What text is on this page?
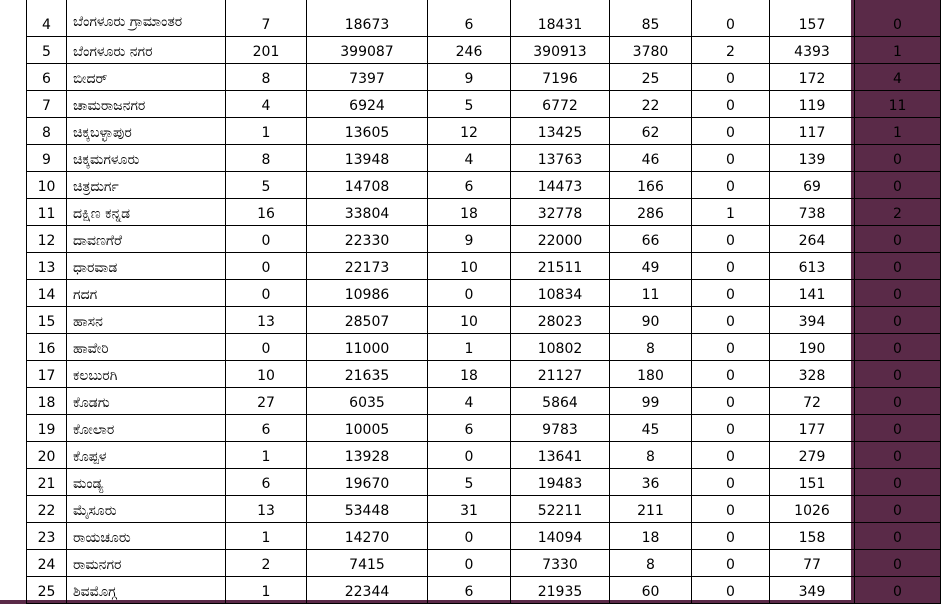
4	ಬೆಂಗಳೂರು ಗ್ರಾಮಾಂತರ	7	18673	6	18431	85	0	157	0
5	ಬೆಂಗಳೂರು ನಗರ	201	399087	246	390913	3780	2	4393	1
6	ಬೀದರ್	8	7397	9	7196	25	0	172	4
7	ಚಾಮರಾಜನಗರ	4	6924	5	6772	22	0	119	11
8	ಚಿಕ್ಕಬಳ್ಳಾಪುರ	1	13605	12	13425	62	0	117	1
9	ಚಿಕ್ಕಮಗಳೂರು	8	13948	4	13763	46	0	139	0
10	ಚಿತ್ರದುರ್ಗ	5	14708	6	14473	166	0	69	0
11	ದಕ್ಷಿಣ ಕನ್ನಡ	16	33804	18	32778	286	1	738	2
12	ದಾವಣಗೆರೆ	0	22330	9	22000	66	0	264	0
13	ಧಾರವಾಡ	0	22173	10	21511	49	0	613	0
14	ಗದಗ	0	10986	0	10834	11	0	141	0
15	ಹಾಸನ	13	28507	10	28023	90	0	394	0
16	ಹಾವೇರಿ	0	11000	1	10802	8	0	190	0
17	ಕಲಬುರಗಿ	10	21635	18	21127	180	0	328	0
18	ಕೊಡಗು	27	6035	4	5864	99	0	72	0
19	ಕೋಲಾರ	6	10005	6	9783	45	0	177	0
20	ಕೊಪ್ಪಳ	1	13928	0	13641	8	0	279	0
21	ಮಂಡ್ಯ	6	19670	5	19483	36	0	151	0
22	ಮೈಸೂರು	13	53448	31	52211	211	0	1026	0
23	ರಾಯಚೂರು	1	14270	0	14094	18	0	158	0
24	ರಾಮನಗರ	2	7415	0	7330	8	0	77	0
25	ಶಿವಮೊಗ್ಗ	1	22344	6	21935	60	0	349	0
